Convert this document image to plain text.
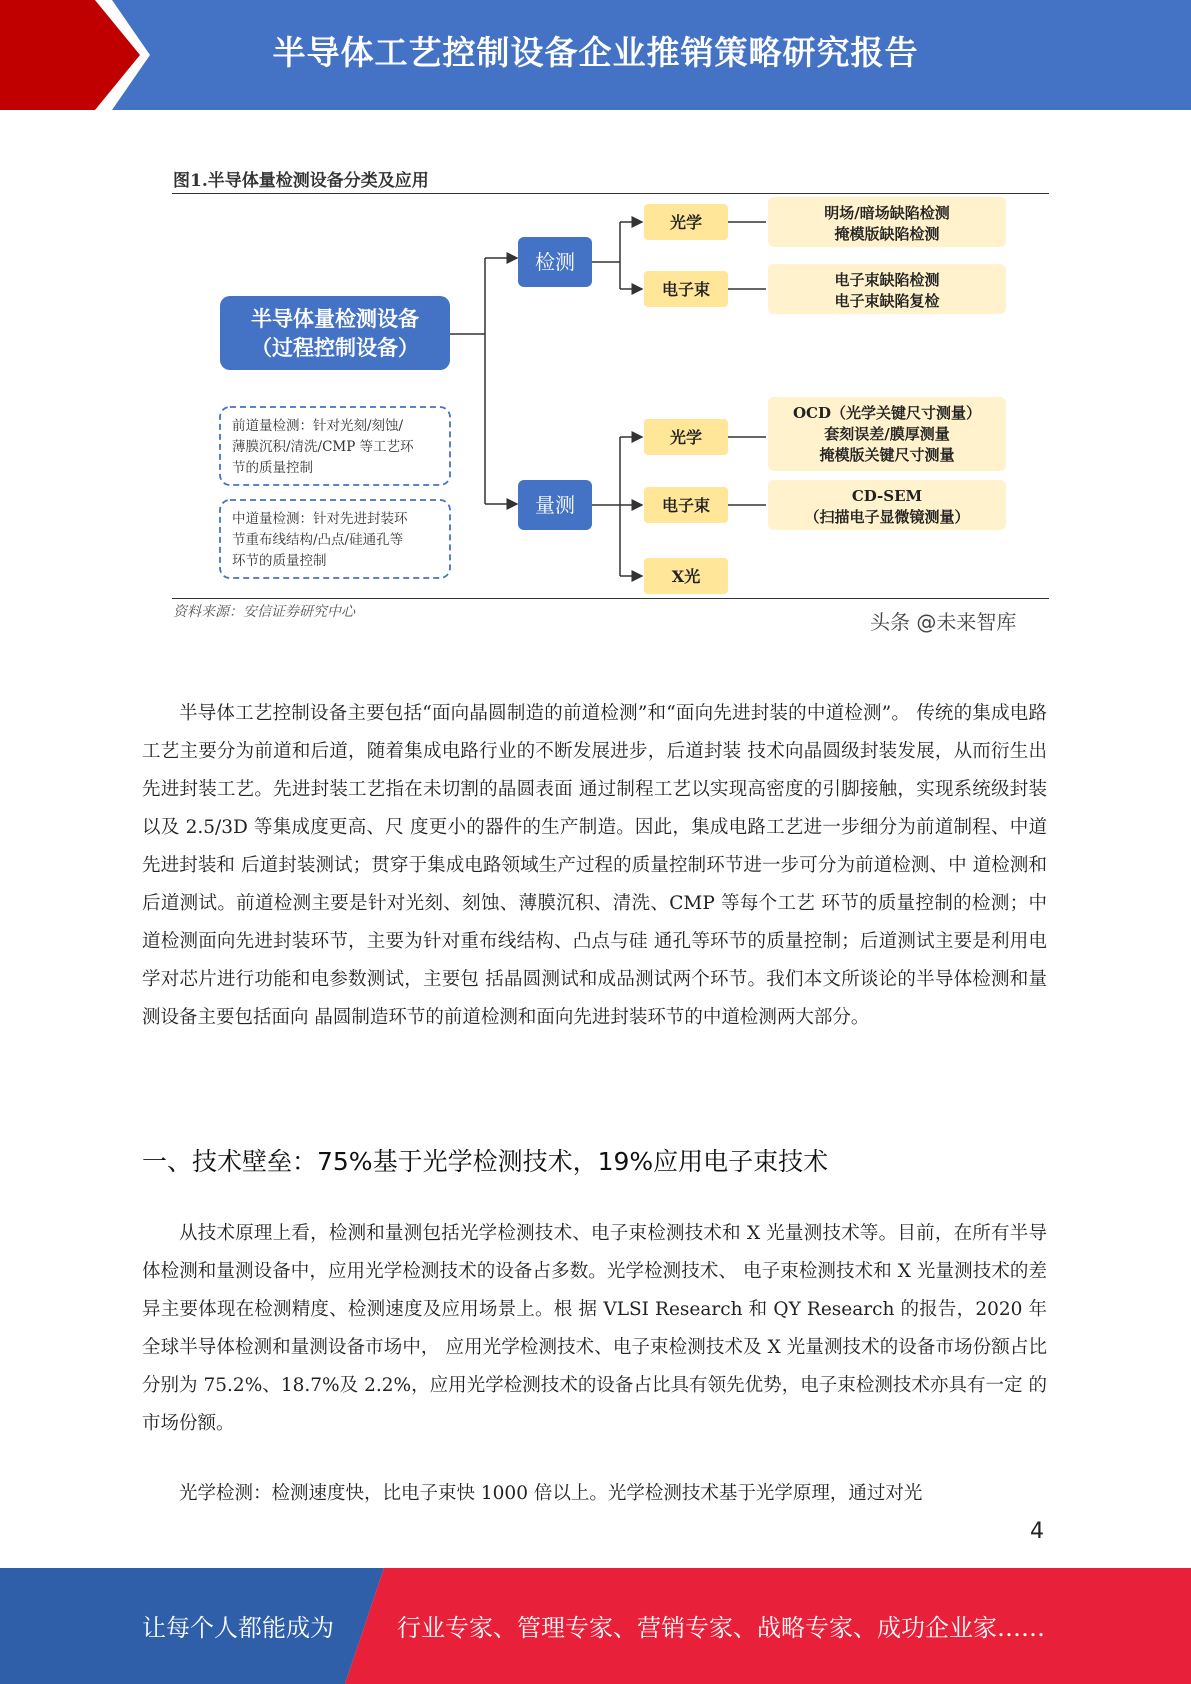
半导体工艺控制设备企业推销策略研究报告
图1.半导体量检测设备分类及应用
半导体量检测设备
（过程控制设备）
前道量检测：针对光刻/刻蚀/
薄膜沉积/清洗/CMP 等工艺环
节的质量控制
中道量检测：针对先进封装环
节重布线结构/凸点/硅通孔等
环节的质量控制
检测
量测
光学
电子束
光学
电子束
X光
明场/暗场缺陷检测
掩模版缺陷检测
电子束缺陷检测
电子束缺陷复检
OCD（光学关键尺寸测量）
套刻误差/膜厚测量
掩模版关键尺寸测量
CD-SEM
（扫描电子显微镜测量）
资料来源：安信证券研究中心	头条 @未来智库

半导体工艺控制设备主要包括“面向晶圆制造的前道检测”和“面向先进封装的中道检测”。 传统的集成电路工艺主要分为前道和后道，随着集成电路行业的不断发展进步，后道封装 技术向晶圆级封装发展，从而衍生出先进封装工艺。先进封装工艺指在未切割的晶圆表面 通过制程工艺以实现高密度的引脚接触，实现系统级封装以及 2.5/3D 等集成度更高、尺 度更小的器件的生产制造。因此，集成电路工艺进一步细分为前道制程、中道先进封装和 后道封装测试；贯穿于集成电路领域生产过程的质量控制环节进一步可分为前道检测、中 道检测和后道测试。前道检测主要是针对光刻、刻蚀、薄膜沉积、清洗、CMP 等每个工艺 环节的质量控制的检测；中道检测面向先进封装环节，主要为针对重布线结构、凸点与硅 通孔等环节的质量控制；后道测试主要是利用电学对芯片进行功能和电参数测试，主要包 括晶圆测试和成品测试两个环节。我们本文所谈论的半导体检测和量测设备主要包括面向 晶圆制造环节的前道检测和面向先进封装环节的中道检测两大部分。

一、技术壁垒：75%基于光学检测技术，19%应用电子束技术

从技术原理上看，检测和量测包括光学检测技术、电子束检测技术和 X 光量测技术等。目前，在所有半导体检测和量测设备中，应用光学检测技术的设备占多数。光学检测技术、 电子束检测技术和 X 光量测技术的差异主要体现在检测精度、检测速度及应用场景上。根 据 VLSI Research 和 QY Research 的报告，2020 年全球半导体检测和量测设备市场中， 应用光学检测技术、电子束检测技术及 X 光量测技术的设备市场份额占比分别为 75.2%、18.7%及 2.2%，应用光学检测技术的设备占比具有领先优势，电子束检测技术亦具有一定 的市场份额。

光学检测：检测速度快，比电子束快 1000 倍以上。光学检测技术基于光学原理，通过对光

4
让每个人都能成为	行业专家、管理专家、营销专家、战略专家、成功企业家……
